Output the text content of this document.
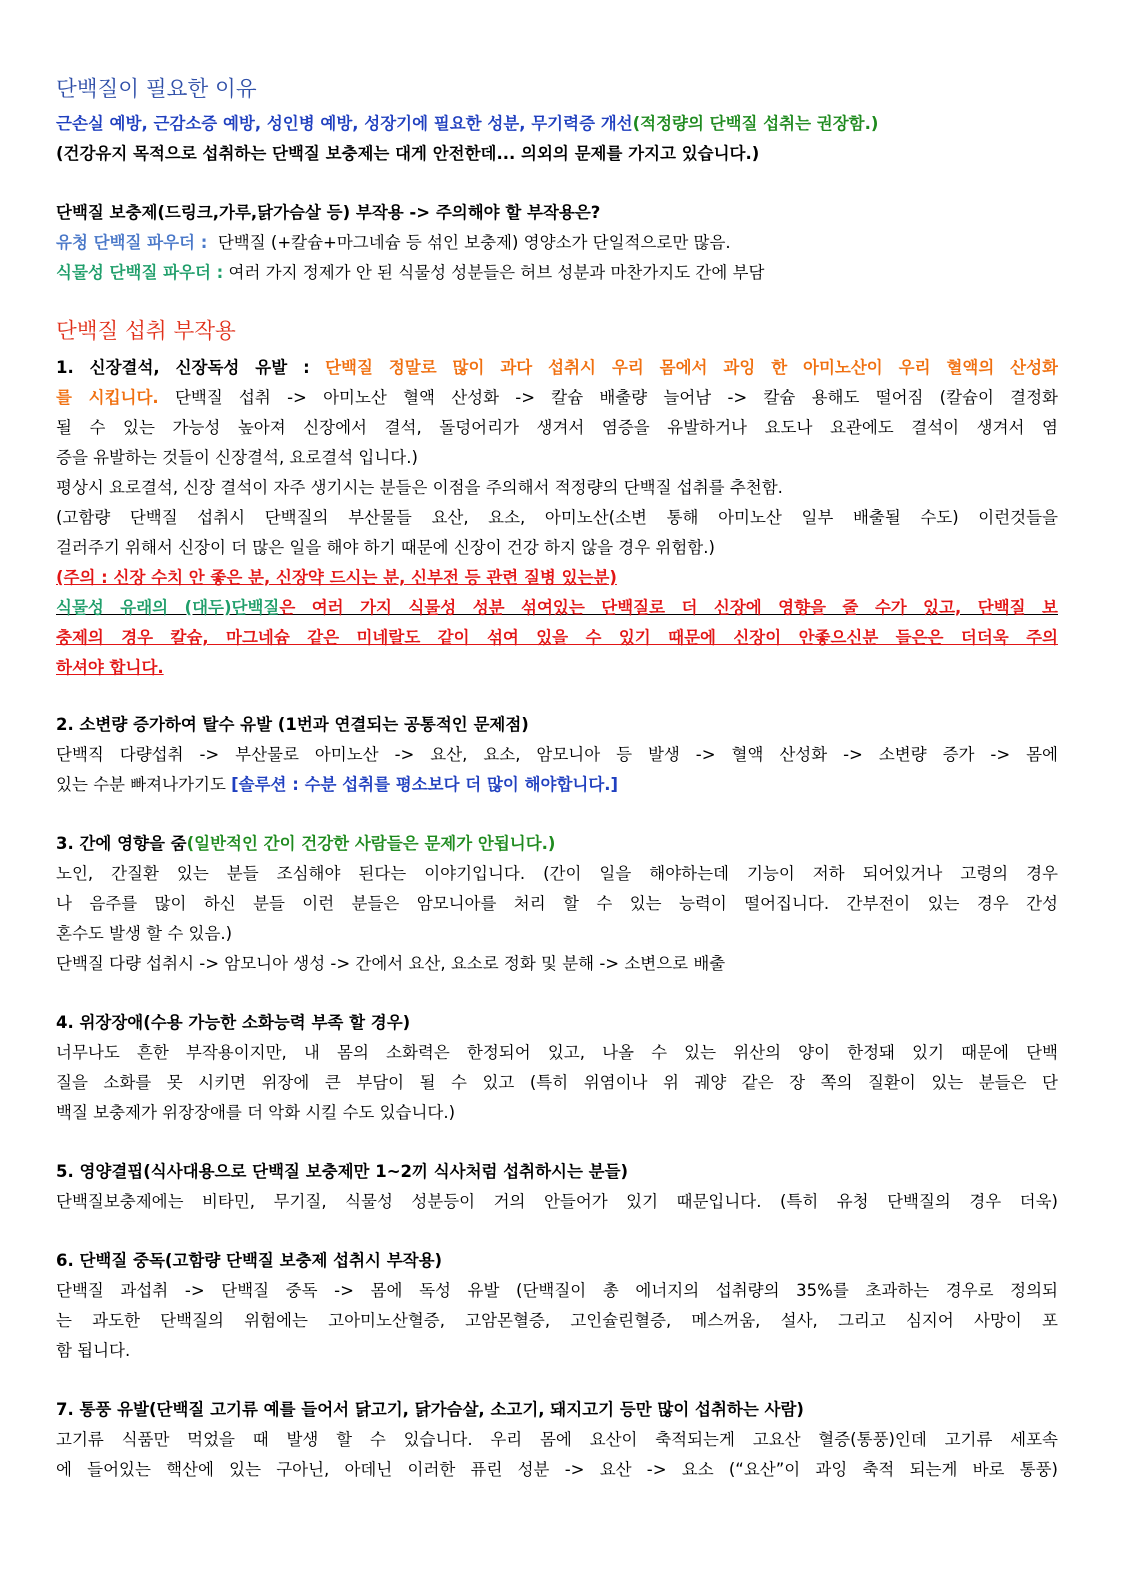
단백질이 필요한 이유
근손실 예방, 근감소증 예방, 성인병 예방, 성장기에 필요한 성분, 무기력증 개선(적정량의 단백질 섭취는 권장함.)
(건강유지 목적으로 섭취하는 단백질 보충제는 대게 안전한데... 의외의 문제를 가지고 있습니다.)
단백질 보충제(드링크,가루,닭가슴살 등) 부작용 -> 주의해야 할 부작용은?
유청 단백질 파우더 : 단백질 (+칼슘+마그네슘 등 섞인 보충제) 영양소가 단일적으로만 많음.
식물성 단백질 파우더 : 여러 가지 정제가 안 된 식물성 성분들은 허브 성분과 마찬가지도 간에 부담
단백질 섭취 부작용
1. 신장결석, 신장독성 유발 : 단백질 정말로 많이 과다 섭취시 우리 몸에서 과잉 한 아미노산이 우리 혈액의 산성화
를 시킵니다. 단백질 섭취 -> 아미노산 혈액 산성화 -> 칼슘 배출량 늘어남 -> 칼슘 용해도 떨어짐 (칼슘이 결정화
될 수 있는 가능성 높아져 신장에서 결석, 돌덩어리가 생겨서 염증을 유발하거나 요도나 요관에도 결석이 생겨서 염
증을 유발하는 것들이 신장결석, 요로결석 입니다.)
평상시 요로결석, 신장 결석이 자주 생기시는 분들은 이점을 주의해서 적정량의 단백질 섭취를 추천함.
(고함량 단백질 섭취시 단백질의 부산물들 요산, 요소, 아미노산(소변 통해 아미노산 일부 배출될 수도) 이런것들을
걸러주기 위해서 신장이 더 많은 일을 해야 하기 때문에 신장이 건강 하지 않을 경우 위험함.)
(주의 : 신장 수치 안 좋은 분, 신장약 드시는 분, 신부전 등 관련 질병 있는분)
식물성 유래의 (대두)단백질은 여러 가지 식물성 성분 섞여있는 단백질로 더 신장에 영향을 줄 수가 있고, 단백질 보
충제의 경우 칼슘, 마그네슘 같은 미네랄도 같이 섞여 있을 수 있기 때문에 신장이 안좋으신분 들은은 더더욱 주의
하셔야 합니다.
2. 소변량 증가하여 탈수 유발 (1번과 연결되는 공통적인 문제점)
단백직 다량섭취 -> 부산물로 아미노산 -> 요산, 요소, 암모니아 등 발생 -> 혈액 산성화 -> 소변량 증가 -> 몸에
있는 수분 빠져나가기도 [솔루션 : 수분 섭취를 평소보다 더 많이 해야합니다.]
3. 간에 영향을 줌(일반적인 간이 건강한 사람들은 문제가 안됩니다.)
노인, 간질환 있는 분들 조심해야 된다는 이야기입니다. (간이 일을 해야하는데 기능이 저하 되어있거나 고령의 경우
나 음주를 많이 하신 분들 이런 분들은 암모니아를 처리 할 수 있는 능력이 떨어집니다. 간부전이 있는 경우 간성
혼수도 발생 할 수 있음.)
단백질 다량 섭취시 -> 암모니아 생성 -> 간에서 요산, 요소로 정화 및 분해 -> 소변으로 배출
4. 위장장애(수용 가능한 소화능력 부족 할 경우)
너무나도 흔한 부작용이지만, 내 몸의 소화력은 한정되어 있고, 나올 수 있는 위산의 양이 한정돼 있기 때문에 단백
질을 소화를 못 시키면 위장에 큰 부담이 될 수 있고 (특히 위염이나 위 궤양 같은 장 쪽의 질환이 있는 분들은 단
백질 보충제가 위장장애를 더 악화 시킬 수도 있습니다.)
5. 영양결핍(식사대용으로 단백질 보충제만 1~2끼 식사처럼 섭취하시는 분들)
단백질보충제에는 비타민, 무기질, 식물성 성분등이 거의 안들어가 있기 때문입니다. (특히 유청 단백질의 경우 더욱)
6. 단백질 중독(고함량 단백질 보충제 섭취시 부작용)
단백질 과섭취 -> 단백질 중독 -> 몸에 독성 유발 (단백질이 총 에너지의 섭취량의 35%를 초과하는 경우로 정의되
는 과도한 단백질의 위험에는 고아미노산혈증, 고암몬혈증, 고인슐린혈증, 메스꺼움, 설사, 그리고 심지어 사망이 포
함 됩니다.
7. 통풍 유발(단백질 고기류 예를 들어서 닭고기, 닭가슴살, 소고기, 돼지고기 등만 많이 섭취하는 사람)
고기류 식품만 먹었을 때 발생 할 수 있습니다. 우리 몸에 요산이 축적되는게 고요산 혈증(통풍)인데 고기류 세포속
에 들어있는 핵산에 있는 구아닌, 아데닌 이러한 퓨린 성분 -> 요산 -> 요소 (“요산”이 과잉 축적 되는게 바로 통풍)
